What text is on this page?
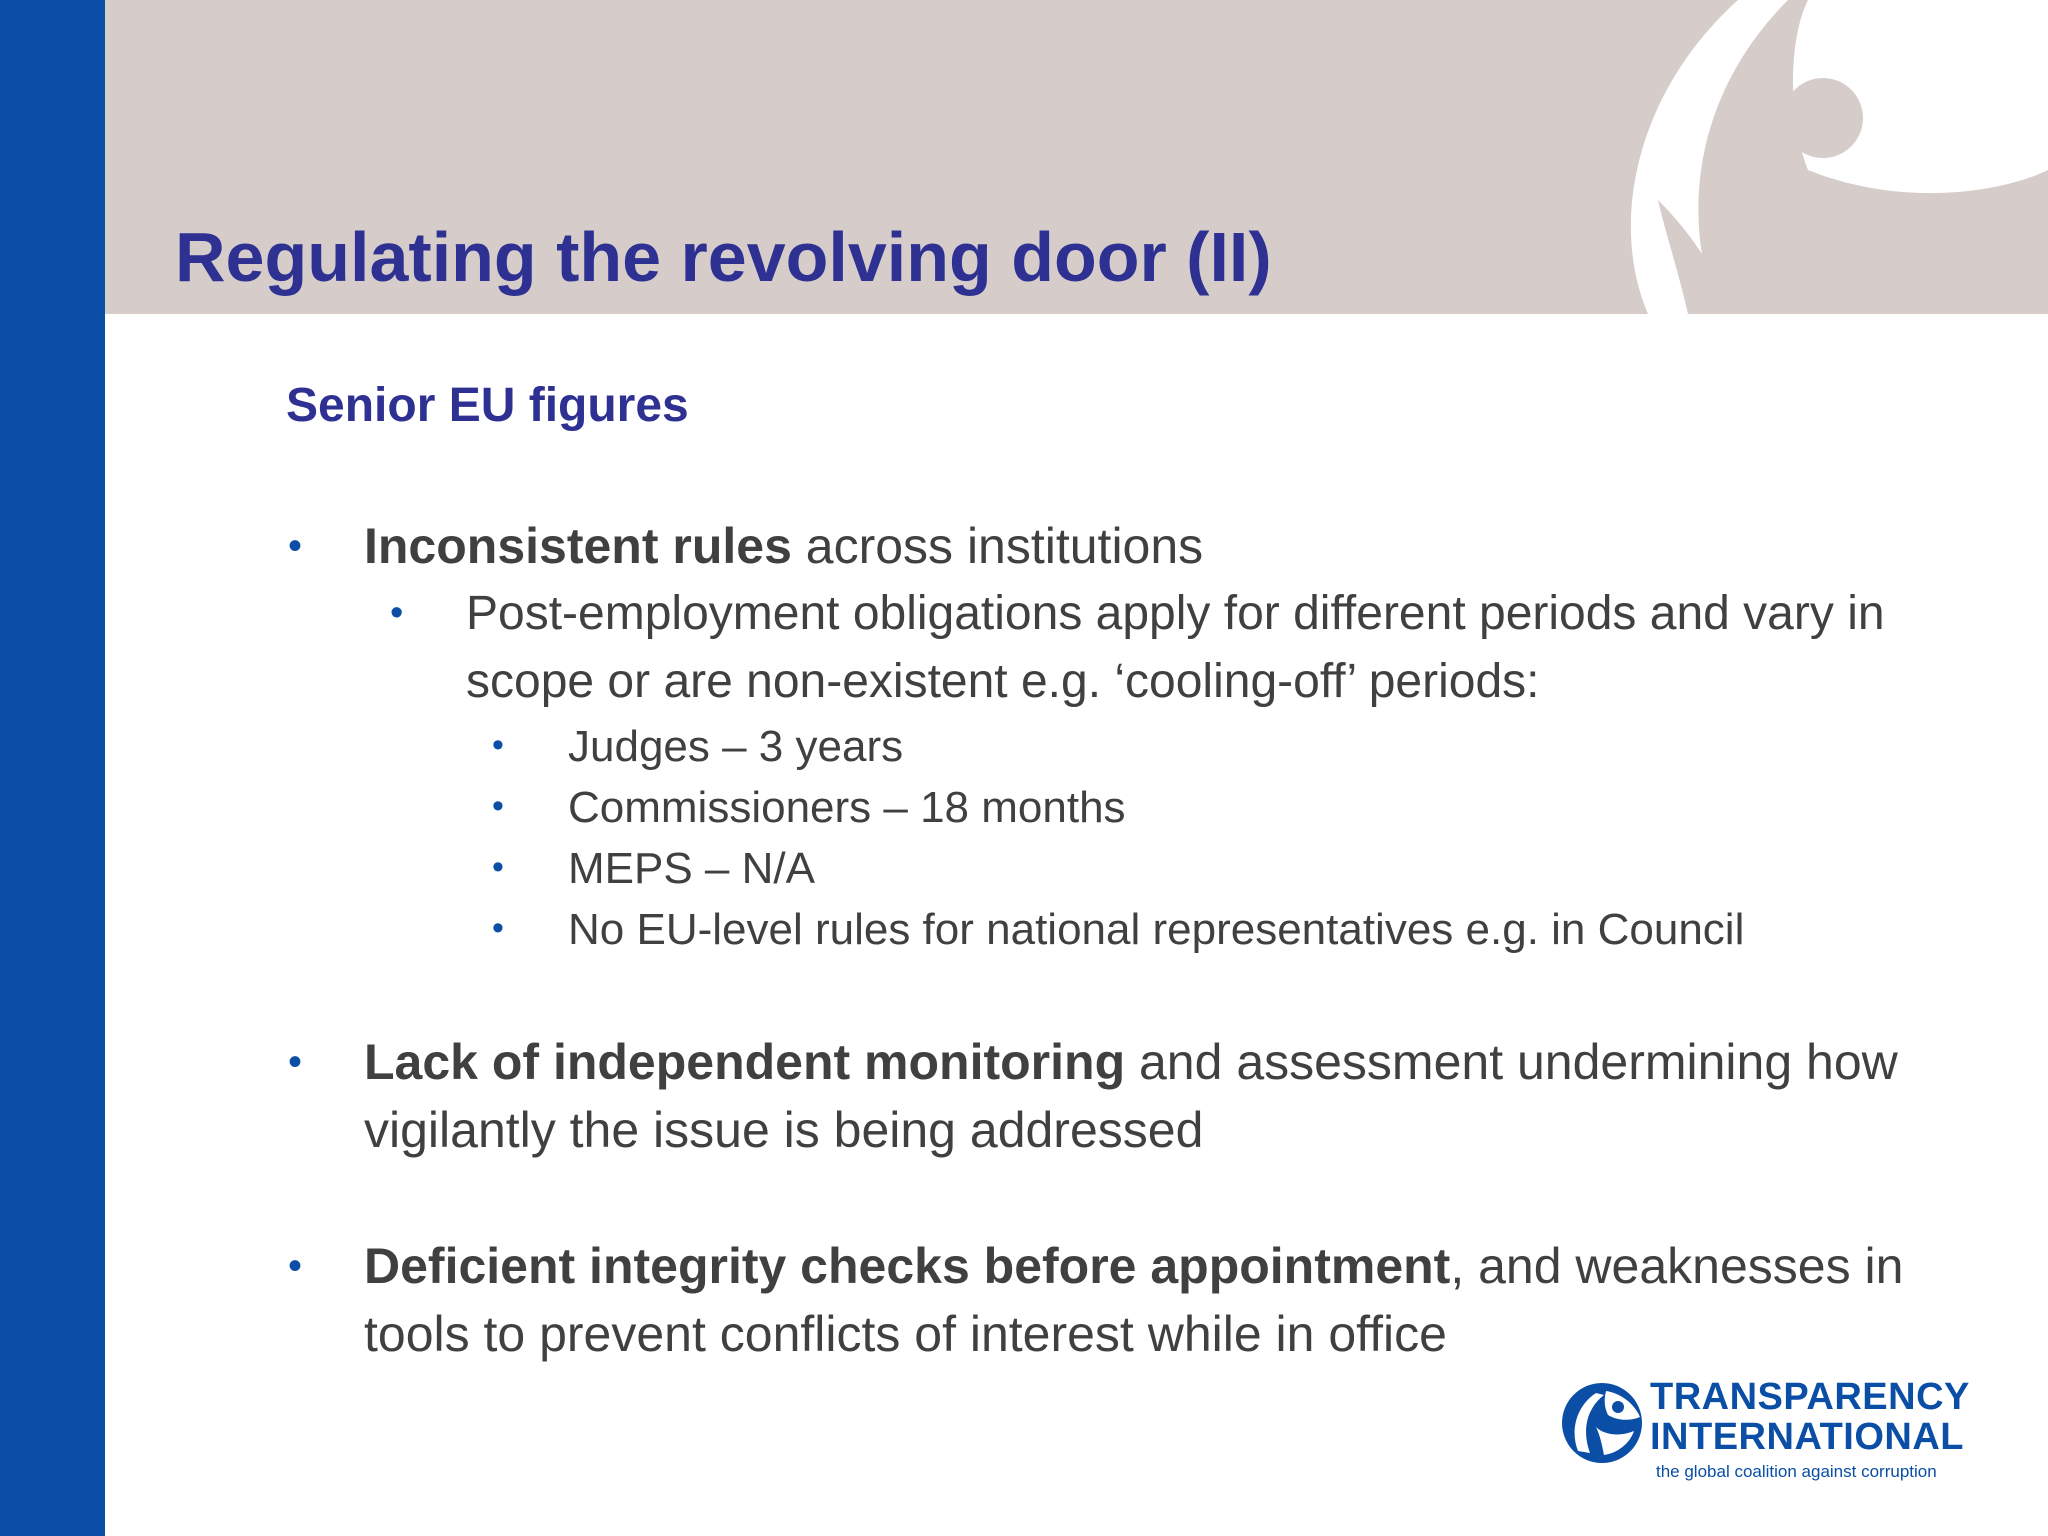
Regulating the revolving door (II)
Senior EU figures

• Inconsistent rules across institutions

• Post-employment obligations apply for different periods and vary in scope or are non-existent e.g. ‘cooling-off’ periods:

• Judges – 3 years

• Commissioners – 18 months

• MEPS – N/A

• No EU-level rules for national representatives e.g. in Council

• Lack of independent monitoring and assessment undermining how vigilantly the issue is being addressed

• Deficient integrity checks before appointment, and weaknesses in tools to prevent conflicts of interest while in office

TRANSPARENCY
INTERNATIONAL
the global coalition against corruption
